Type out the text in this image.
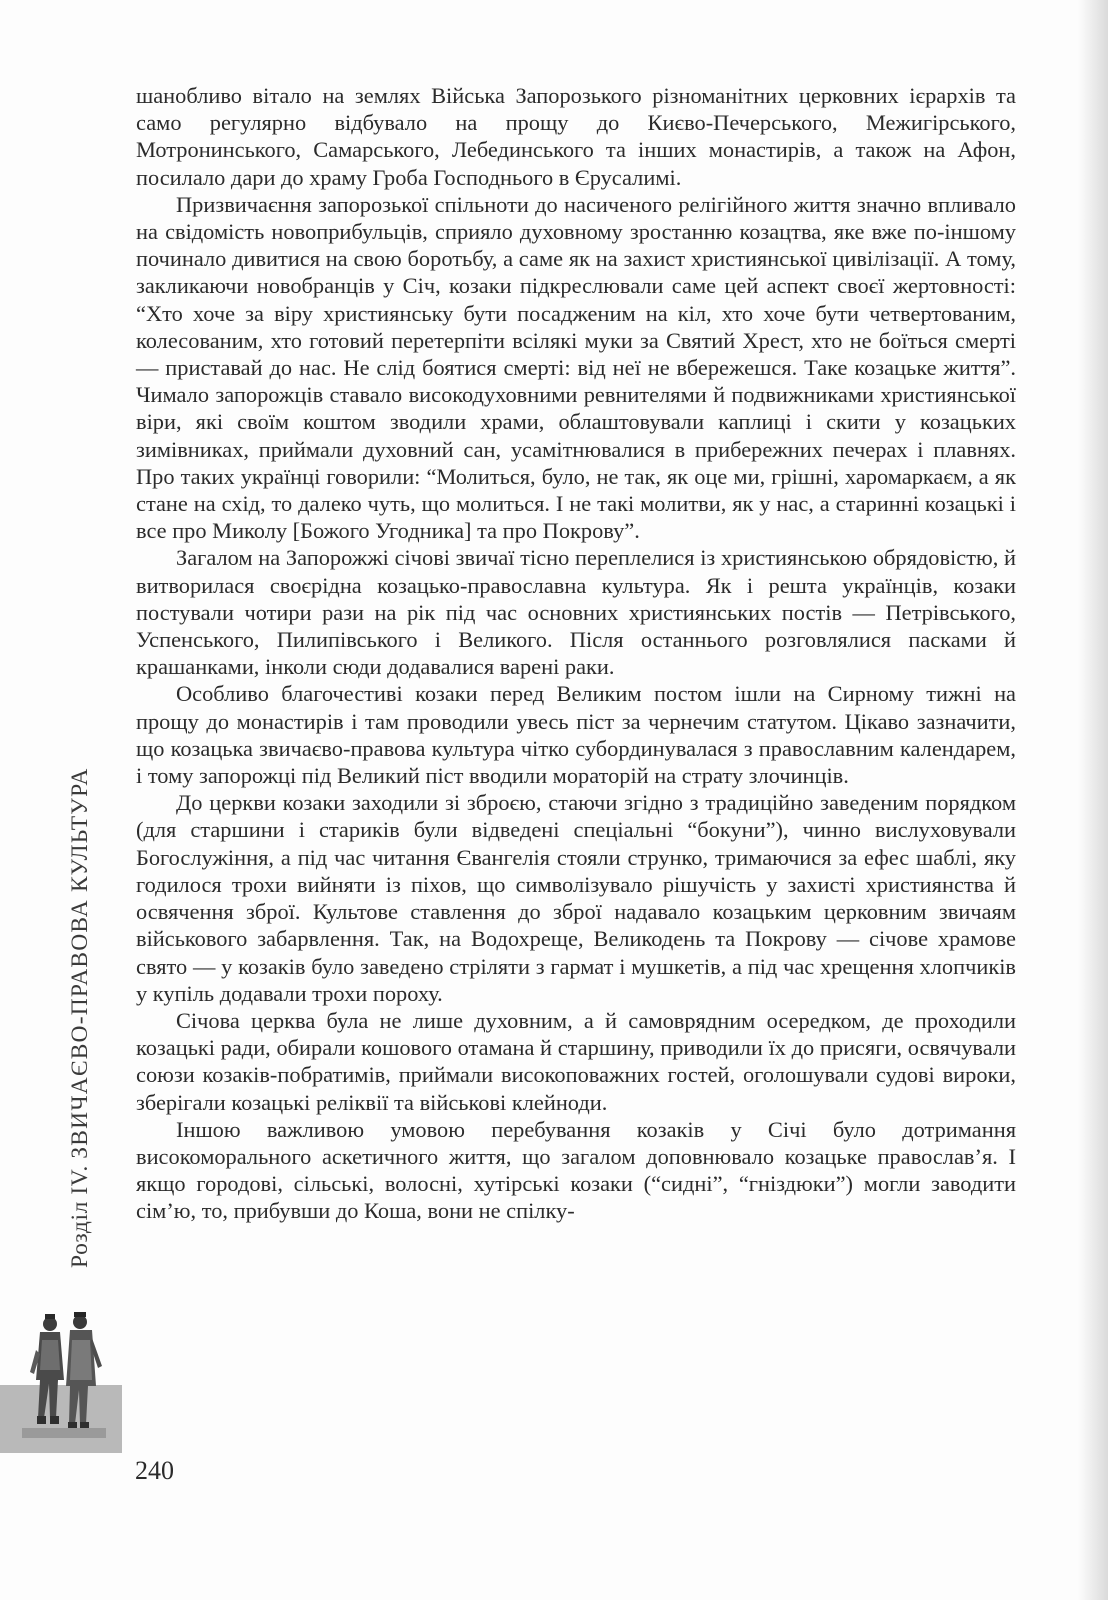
Розділ IV. ЗВИЧАЄВО-ПРАВОВА КУЛЬТУРА

шанобливо вітало на землях Війська Запорозького різноманітних церковних ієрархів та само регулярно відбувало на прощу до Києво-Печерського, Межигірського, Мотронинського, Самарського, Лебединського та інших монастирів, а також на Афон, посилало дари до храму Гроба Господнього в Єрусалимі.

Призвичаєння запорозької спільноти до насиченого релігійного життя значно впливало на свідомість новоприбульців, сприяло духовному зростанню козацтва, яке вже по-іншому починало дивитися на свою боротьбу, а саме як на захист християнської цивілізації. А тому, закликаючи новобранців у Січ, козаки підкреслювали саме цей аспект своєї жертовності: “Хто хоче за віру християнську бути посадженим на кіл, хто хоче бути четвертованим, колесованим, хто готовий перетерпіти всілякі муки за Святий Хрест, хто не боїться смерті — приставай до нас. Не слід боятися смерті: від неї не вбережешся. Таке козацьке життя”. Чимало запорожців ставало високодуховними ревнителями й подвижниками християнської віри, які своїм коштом зводили храми, облаштовували каплиці і скити у козацьких зимівниках, приймали духовний сан, усамітнювалися в прибережних печерах і плавнях. Про таких українці говорили: “Молиться, було, не так, як оце ми, грішні, харомаркаєм, а як стане на схід, то далеко чуть, що молиться. І не такі молитви, як у нас, а старинні козацькі і все про Миколу [Божого Угодника] та про Покрову”.

Загалом на Запорожжі січові звичаї тісно переплелися із християнською обрядовістю, й витворилася своєрідна козацько-православна культура. Як і решта українців, козаки постували чотири рази на рік під час основних християнських постів — Петрівського, Успенського, Пилипівського і Великого. Після останнього розговлялися пасками й крашанками, інколи сюди додавалися варені раки.

Особливо благочестиві козаки перед Великим постом ішли на Сирному тижні на прощу до монастирів і там проводили увесь піст за чернечим статутом. Цікаво зазначити, що козацька звичаєво-правова культура чітко субординувалася з православним календарем, і тому запорожці під Великий піст вводили мораторій на страту злочинців.

До церкви козаки заходили зі зброєю, стаючи згідно з традиційно заведеним порядком (для старшини і стариків були відведені спеціальні “бокуни”), чинно вислуховували Богослужіння, а під час читання Євангелія стояли струнко, тримаючися за ефес шаблі, яку годилося трохи вийняти із піхов, що символізувало рішучість у захисті християнства й освячення зброї. Культове ставлення до зброї надавало козацьким церковним звичаям військового забарвлення. Так, на Водохреще, Великодень та Покрову — січове храмове свято — у козаків було заведено стріляти з гармат і мушкетів, а під час хрещення хлопчиків у купіль додавали трохи пороху.

Січова церква була не лише духовним, а й самоврядним осередком, де проходили козацькі ради, обирали кошового отамана й старшину, приводили їх до присяги, освячували союзи козаків-побратимів, приймали високоповажних гостей, оголошували судові вироки, зберігали козацькі реліквії та військові клейноди.

Іншою важливою умовою перебування козаків у Січі було дотримання високоморального аскетичного життя, що загалом доповнювало козацьке православ’я. І якщо городові, сільські, волосні, хутірські козаки (“сидні”, “гніздюки”) могли заводити сім’ю, то, прибувши до Коша, вони не спілку-

240
